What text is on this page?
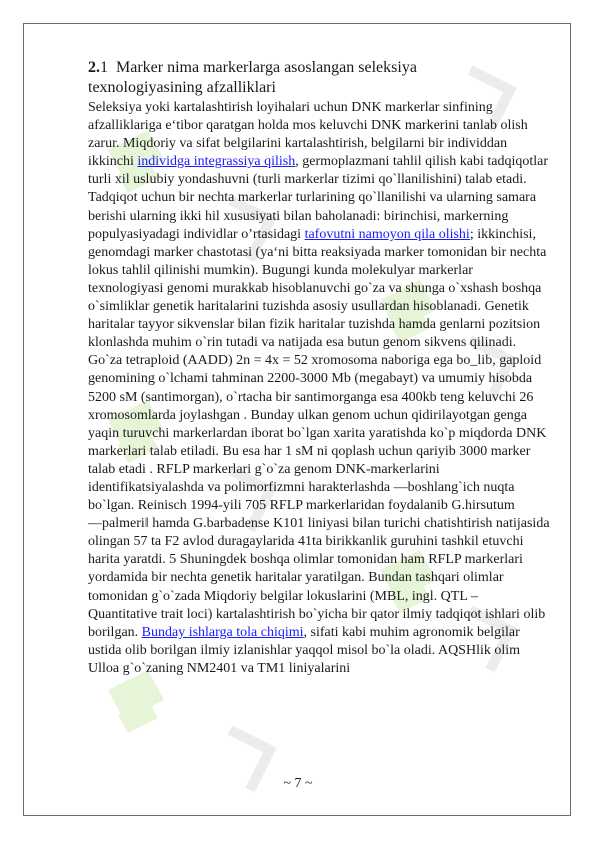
2.1 Marker nima markerlarga asoslangan seleksiya
texnologiyasining afzalliklari

Seleksiya yoki kartalashtirish loyihalari uchun DNK markerlar sinfining afzalliklariga e‘tibor qaratgan holda mos keluvchi DNK markerini tanlab olish zarur. Miqdoriy va sifat belgilarini kartalashtirish, belgilarni bir individdan ikkinchi individga integrassiya qilish, germoplazmani tahlil qilish kabi tadqiqotlar turli xil uslubiy yondashuvni (turli markerlar tizimi qo`llanilishini) talab etadi. Tadqiqot uchun bir nechta markerlar turlarining qo`llanilishi va ularning samara berishi ularning ikki hil xususiyati bilan baholanadi: birinchisi, markerning populyasiyadagi individlar o’rtasidagi tafovutni namoyon qila olishi; ikkinchisi, genomdagi marker chastotasi (ya‘ni bitta reaksiyada marker tomonidan bir nechta lokus tahlil qilinishi mumkin). Bugungi kunda molekulyar markerlar texnologiyasi genomi murakkab hisoblanuvchi go`za va shunga o`xshash boshqa o`simliklar genetik haritalarini tuzishda asosiy usullardan hisoblanadi. Genetik haritalar tayyor sikvenslar bilan fizik haritalar tuzishda hamda genlarni pozitsion klonlashda muhim o`rin tutadi va natijada esa butun genom sikvens qilinadi. Go`za tetraploid (AADD) 2n = 4x = 52 xromosoma naboriga ega bo_lib, gaploid genomining o`lchami tahminan 2200-3000 Mb (megabayt) va umumiy hisobda 5200 sM (santimorgan), o`rtacha bir santimorganga esa 400kb teng keluvchi 26 xromosomlarda joylashgan . Bunday ulkan genom uchun qidirilayotgan genga yaqin turuvchi markerlardan iborat bo`lgan xarita yaratishda ko`p miqdorda DNK markerlari talab etiladi. Bu esa har 1 sM ni qoplash uchun qariyib 3000 marker talab etadi . RFLP markerlari g`o`za genom DNK-markerlarini identifikatsiyalashda va polimorfizmni harakterlashda ―boshlang`ich nuqta bo`lgan. Reinisch 1994-yili 705 RFLP markerlaridan foydalanib G.hirsutum ―palmeri‖ hamda G.barbadense K101 liniyasi bilan turichi chatishtirish natijasida olingan 57 ta F2 avlod duragaylarida 41ta birikkanlik guruhini tashkil etuvchi harita yaratdi. 5 Shuningdek boshqa olimlar tomonidan ham RFLP markerlari yordamida bir nechta genetik haritalar yaratilgan. Bundan tashqari olimlar tomonidan g`o`zada Miqdoriy belgilar lokuslarini (MBL, ingl. QTL – Quantitative trait loci) kartalashtirish bo`yicha bir qator ilmiy tadqiqot ishlari olib borilgan. Bunday ishlarga tola chiqimi, sifati kabi muhim agronomik belgilar ustida olib borilgan ilmiy izlanishlar yaqqol misol bo`la oladi. AQSHlik olim Ulloa g`o`zaning NM2401 va TM1 liniyalarini

~ 7 ~
